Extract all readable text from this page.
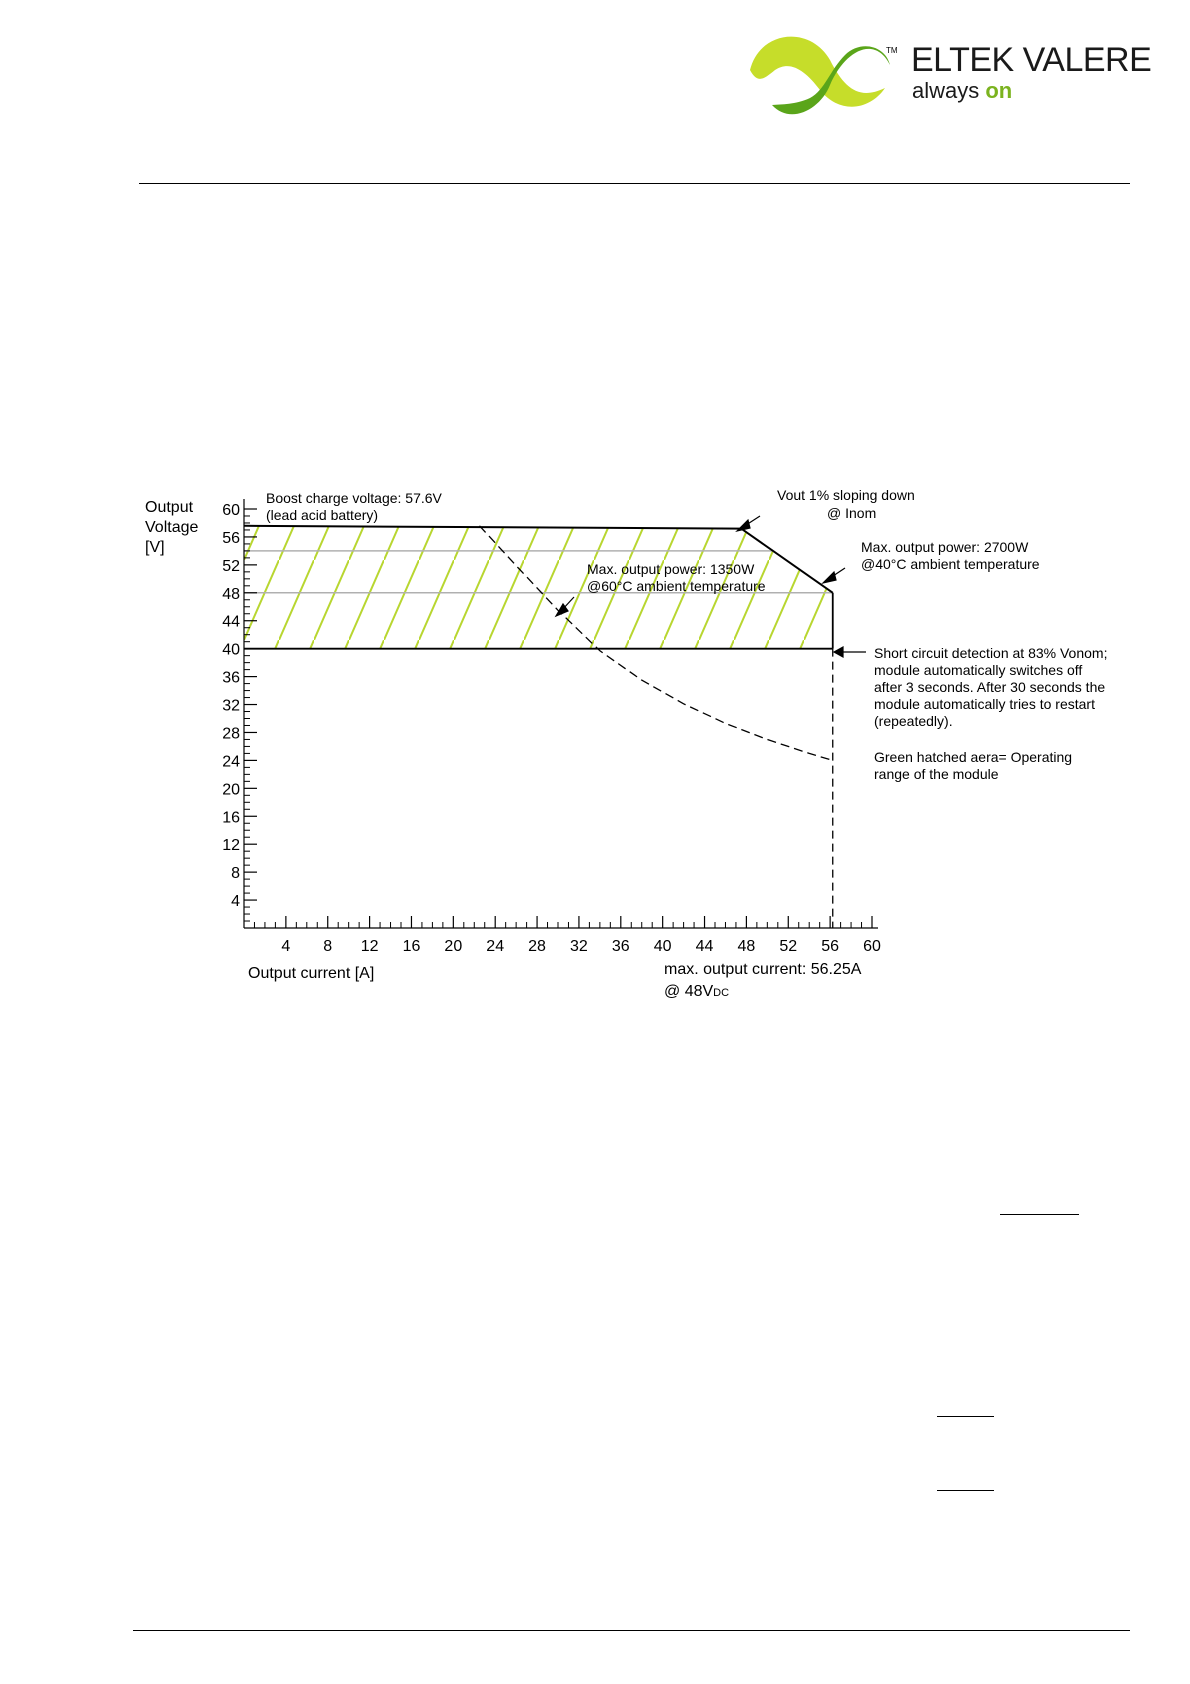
TM ELTEK VALERE
always on
4
8
12
16
20
24
28
32
36
40
44
48
52
56
60
4 8 12 16 20 24 28 32 36 40 44 48 52 56 60
Output
Voltage
[V]
Output current [A]
Boost charge voltage: 57.6V
(lead acid battery)
Vout 1% sloping down
@ Inom
Max. output power: 2700W
@40°C ambient temperature
Max. output power: 1350W
@60°C ambient temperature
Short circuit detection at 83% Vonom;
module automatically switches off
after 3 seconds. After 30 seconds the
module automatically tries to restart
(repeatedly).
Green hatched aera= Operating
range of the module
max. output current: 56.25A
@ 48VDC
